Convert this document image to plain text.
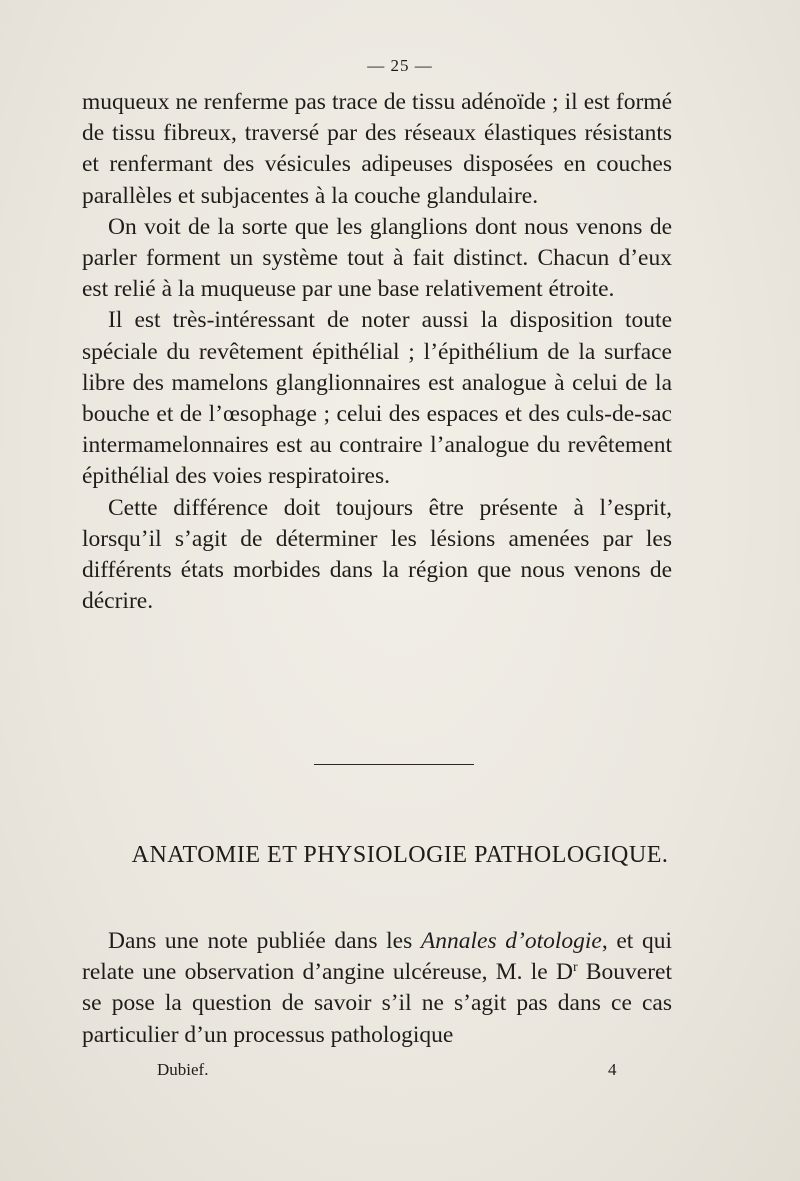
— 25 —

muqueux ne renferme pas trace de tissu adénoïde ; il est formé de tissu fibreux, traversé par des réseaux élastiques résistants et renfermant des vésicules adipeuses disposées en couches parallèles et subjacentes à la couche glandulaire.

On voit de la sorte que les glanglions dont nous venons de parler forment un système tout à fait distinct. Chacun d’eux est relié à la muqueuse par une base relativement étroite.

Il est très-intéressant de noter aussi la disposition toute spéciale du revêtement épithélial ; l’épithélium de la surface libre des mamelons glanglionnaires est analogue à celui de la bouche et de l’œsophage ; celui des espaces et des culs-de-sac intermamelonnaires est au contraire l’analogue du revêtement épithélial des voies respiratoires.

Cette différence doit toujours être présente à l’esprit, lorsqu’il s’agit de déterminer les lésions amenées par les différents états morbides dans la région que nous venons de décrire.

ANATOMIE ET PHYSIOLOGIE PATHOLOGIQUE.

Dans une note publiée dans les Annales d’otologie, et qui relate une observation d’angine ulcéreuse, M. le $D^r$ Bouveret se pose la question de savoir s’il ne s’agit pas dans ce cas particulier d’un processus pathologique

Dubief.	4
